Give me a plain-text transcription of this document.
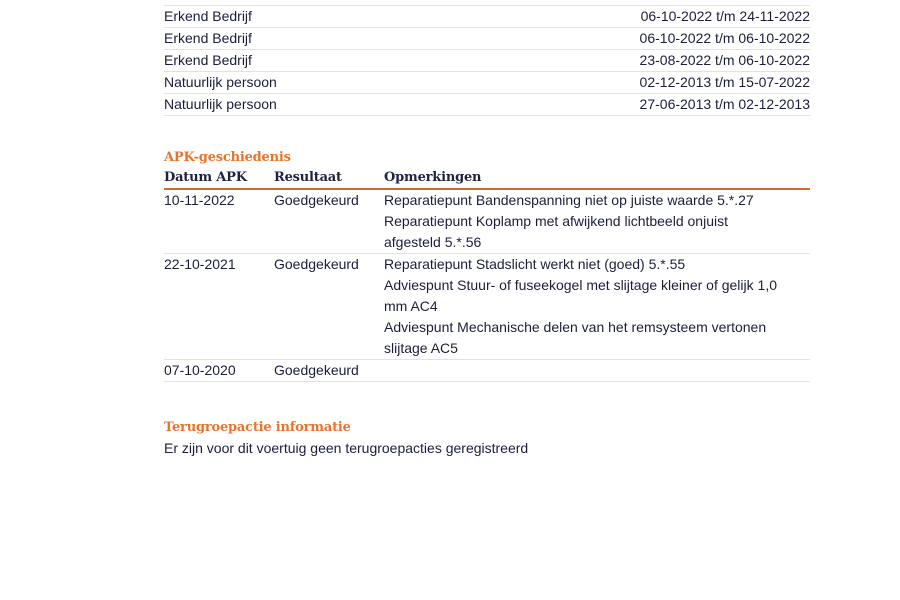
Erkend Bedrijf	06-10-2022 t/m 24-11-2022
Erkend Bedrijf	06-10-2022 t/m 06-10-2022
Erkend Bedrijf	23-08-2022 t/m 06-10-2022
Natuurlijk persoon	02-12-2013 t/m 15-07-2022
Natuurlijk persoon	27-06-2013 t/m 02-12-2013
APK-geschiedenis
Datum APK	Resultaat	Opmerkingen
10-11-2022	Goedgekeurd	Reparatiepunt Bandenspanning niet op juiste waarde 5.*.27
Reparatiepunt Koplamp met afwijkend lichtbeeld onjuist afgesteld 5.*.56
22-10-2021	Goedgekeurd	Reparatiepunt Stadslicht werkt niet (goed) 5.*.55
Adviespunt Stuur- of fuseekogel met slijtage kleiner of gelijk 1,0 mm AC4
Adviespunt Mechanische delen van het remsysteem vertonen slijtage AC5
07-10-2020	Goedgekeurd
Terugroepactie informatie
Er zijn voor dit voertuig geen terugroepacties geregistreerd
